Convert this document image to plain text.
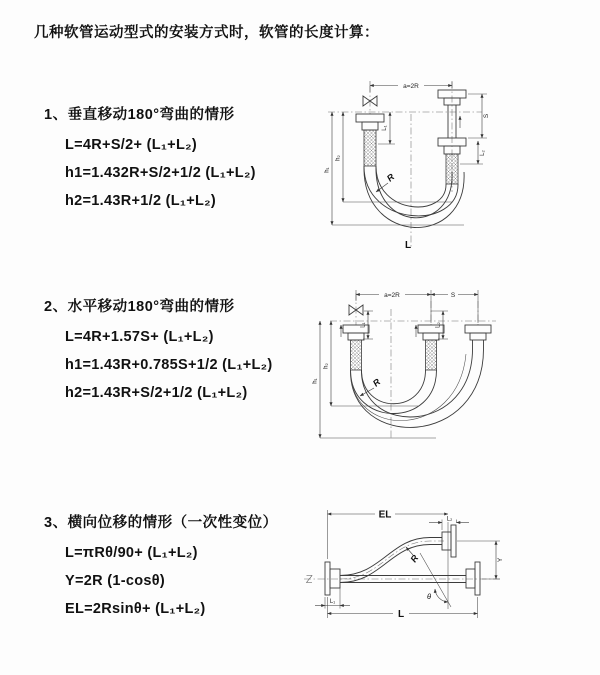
几种软管运动型式的安装方式时，软管的长度计算：
1、垂直移动180°弯曲的情形
L=4R+S/2+ (L₁+L₂)
h1=1.432R+S/2+1/2 (L₁+L₂)
h2=1.43R+1/2 (L₁+L₂)
2、水平移动180°弯曲的情形
L=4R+1.57S+ (L₁+L₂)
h1=1.43R+0.785S+1/2 (L₁+L₂)
h2=1.43R+S/2+1/2 (L₁+L₂)
3、横向位移的情形（一次性变位）
L=πRθ/90+ (L₁+L₂)
Y=2R (1-cosθ)
EL=2Rsinθ+ (L₁+L₂)
a=2R
S
L₂
L₁
h₁
h₂
R
L
a=2R	S
L₁	L₂
h₁
h₂
R
EL	L₂
Y
R
θ
L
L₁
